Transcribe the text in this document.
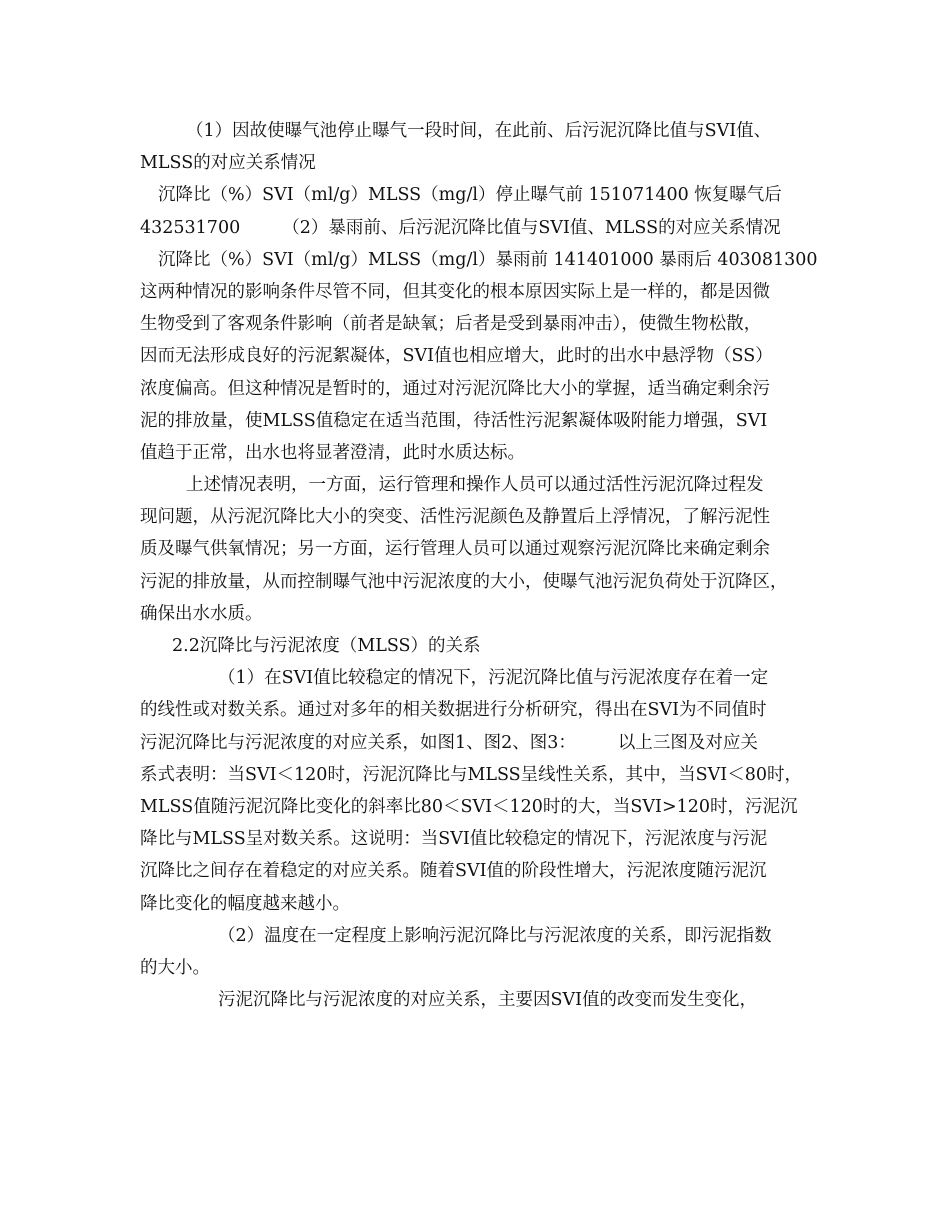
（1）因故使曝气池停止曝气一段时间，在此前、后污泥沉降比值与SVI值、
MLSS的对应关系情况
沉降比（%）SVI（ml/g）MLSS（mg/l）停止曝气前 151071400 恢复曝气后
432531700 （2）暴雨前、后污泥沉降比值与SVI值、MLSS的对应关系情况
沉降比（%）SVI（ml/g）MLSS（mg/l）暴雨前 141401000 暴雨后 403081300
这两种情况的影响条件尽管不同，但其变化的根本原因实际上是一样的，都是因微
生物受到了客观条件影响（前者是缺氧；后者是受到暴雨冲击），使微生物松散，
因而无法形成良好的污泥絮凝体，SVI值也相应增大，此时的出水中悬浮物（SS）
浓度偏高。但这种情况是暂时的，通过对污泥沉降比大小的掌握，适当确定剩余污
泥的排放量，使MLSS值稳定在适当范围，待活性污泥絮凝体吸附能力增强，SVI
值趋于正常，出水也将显著澄清，此时水质达标。
上述情况表明，一方面，运行管理和操作人员可以通过活性污泥沉降过程发
现问题，从污泥沉降比大小的突变、活性污泥颜色及静置后上浮情况，了解污泥性
质及曝气供氧情况；另一方面，运行管理人员可以通过观察污泥沉降比来确定剩余
污泥的排放量，从而控制曝气池中污泥浓度的大小，使曝气池污泥负荷处于沉降区，
确保出水水质。
2.2沉降比与污泥浓度（MLSS）的关系
（1）在SVI值比较稳定的情况下，污泥沉降比值与污泥浓度存在着一定
的线性或对数关系。通过对多年的相关数据进行分析研究，得出在SVI为不同值时
污泥沉降比与污泥浓度的对应关系，如图1、图2、图3： 以上三图及对应关
系式表明：当SVI＜120时，污泥沉降比与MLSS呈线性关系，其中，当SVI＜80时，
MLSS值随污泥沉降比变化的斜率比80＜SVI＜120时的大，当SVI>120时，污泥沉
降比与MLSS呈对数关系。这说明：当SVI值比较稳定的情况下，污泥浓度与污泥
沉降比之间存在着稳定的对应关系。随着SVI值的阶段性增大，污泥浓度随污泥沉
降比变化的幅度越来越小。
（2）温度在一定程度上影响污泥沉降比与污泥浓度的关系，即污泥指数
的大小。
污泥沉降比与污泥浓度的对应关系，主要因SVI值的改变而发生变化，
